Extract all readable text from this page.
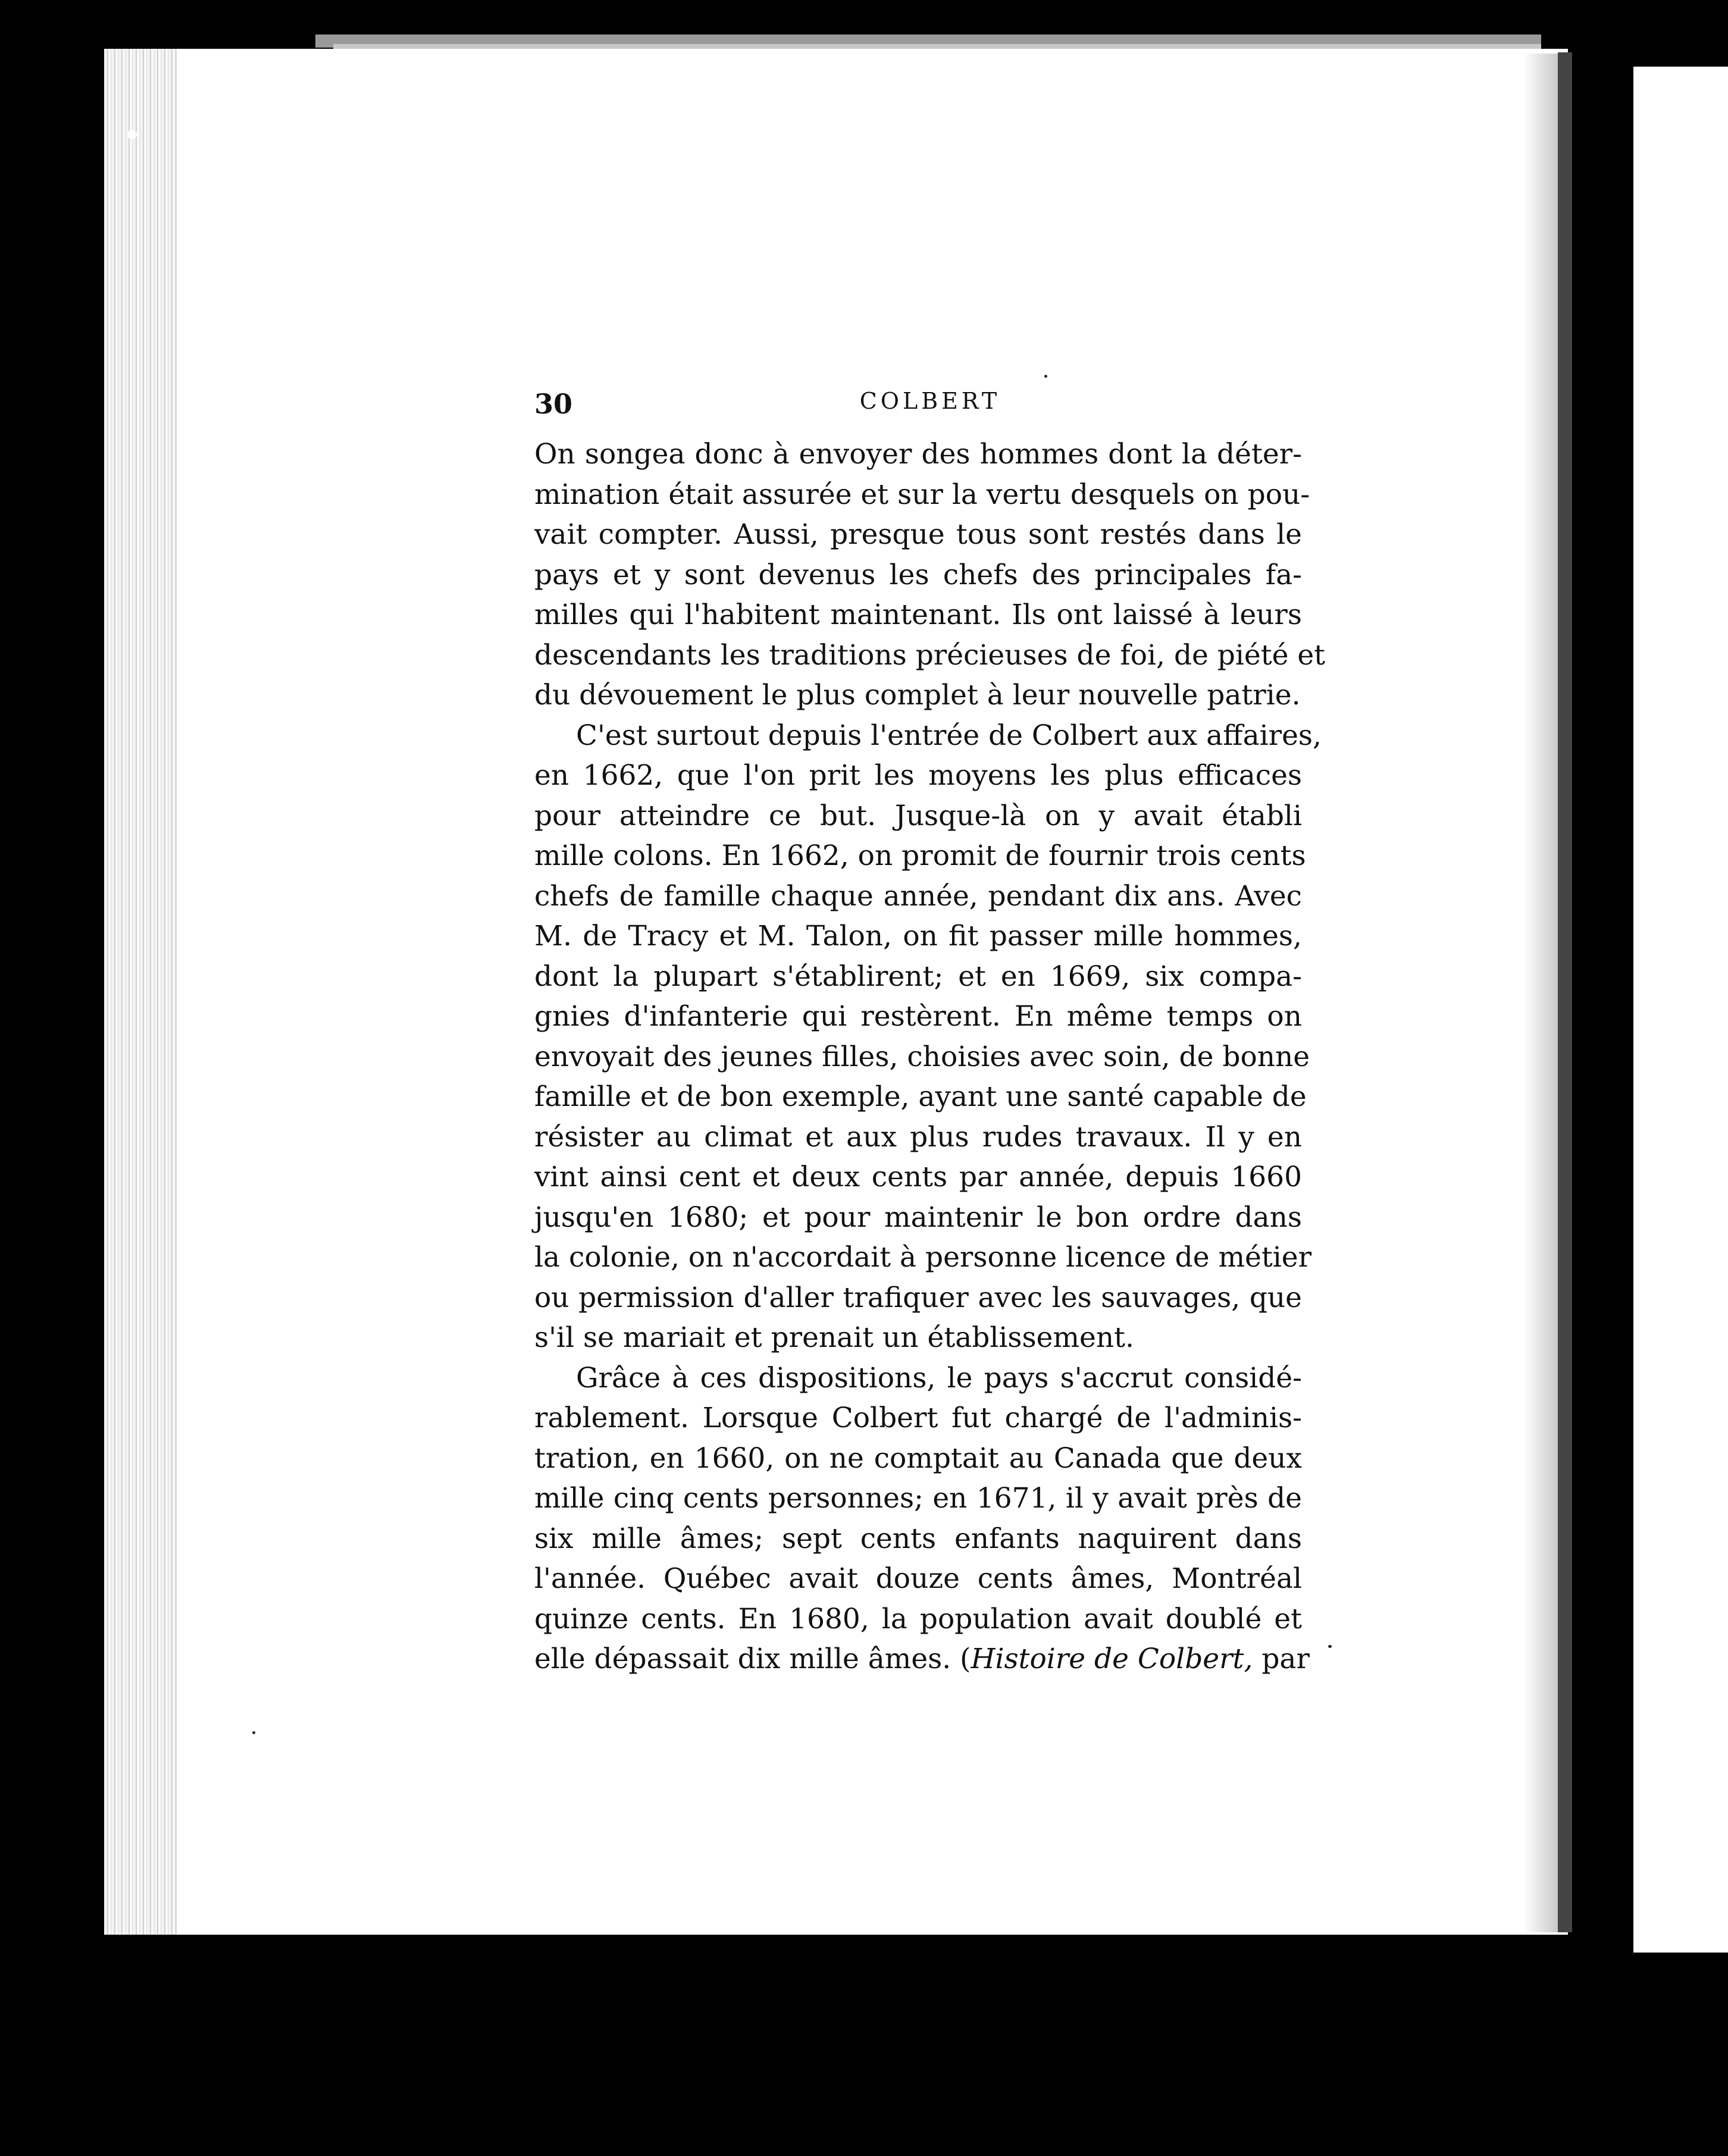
30	COLBERT
On songea donc à envoyer des hommes dont la déter-
mination était assurée et sur la vertu desquels on pou-
vait compter. Aussi, presque tous sont restés dans le
pays et y sont devenus les chefs des principales fa-
milles qui l'habitent maintenant. Ils ont laissé à leurs
descendants les traditions précieuses de foi, de piété et
du dévouement le plus complet à leur nouvelle patrie.
C'est surtout depuis l'entrée de Colbert aux affaires,
en 1662, que l'on prit les moyens les plus efficaces
pour atteindre ce but. Jusque-là on y avait établi
mille colons. En 1662, on promit de fournir trois cents
chefs de famille chaque année, pendant dix ans. Avec
M. de Tracy et M. Talon, on fit passer mille hommes,
dont la plupart s'établirent; et en 1669, six compa-
gnies d'infanterie qui restèrent. En même temps on
envoyait des jeunes filles, choisies avec soin, de bonne
famille et de bon exemple, ayant une santé capable de
résister au climat et aux plus rudes travaux. Il y en
vint ainsi cent et deux cents par année, depuis 1660
jusqu'en 1680; et pour maintenir le bon ordre dans
la colonie, on n'accordait à personne licence de métier
ou permission d'aller trafiquer avec les sauvages, que
s'il se mariait et prenait un établissement.
Grâce à ces dispositions, le pays s'accrut considé-
rablement. Lorsque Colbert fut chargé de l'adminis-
tration, en 1660, on ne comptait au Canada que deux
mille cinq cents personnes; en 1671, il y avait près de
six mille âmes; sept cents enfants naquirent dans
l'année. Québec avait douze cents âmes, Montréal
quinze cents. En 1680, la population avait doublé et
elle dépassait dix mille âmes. (Histoire de Colbert, par
